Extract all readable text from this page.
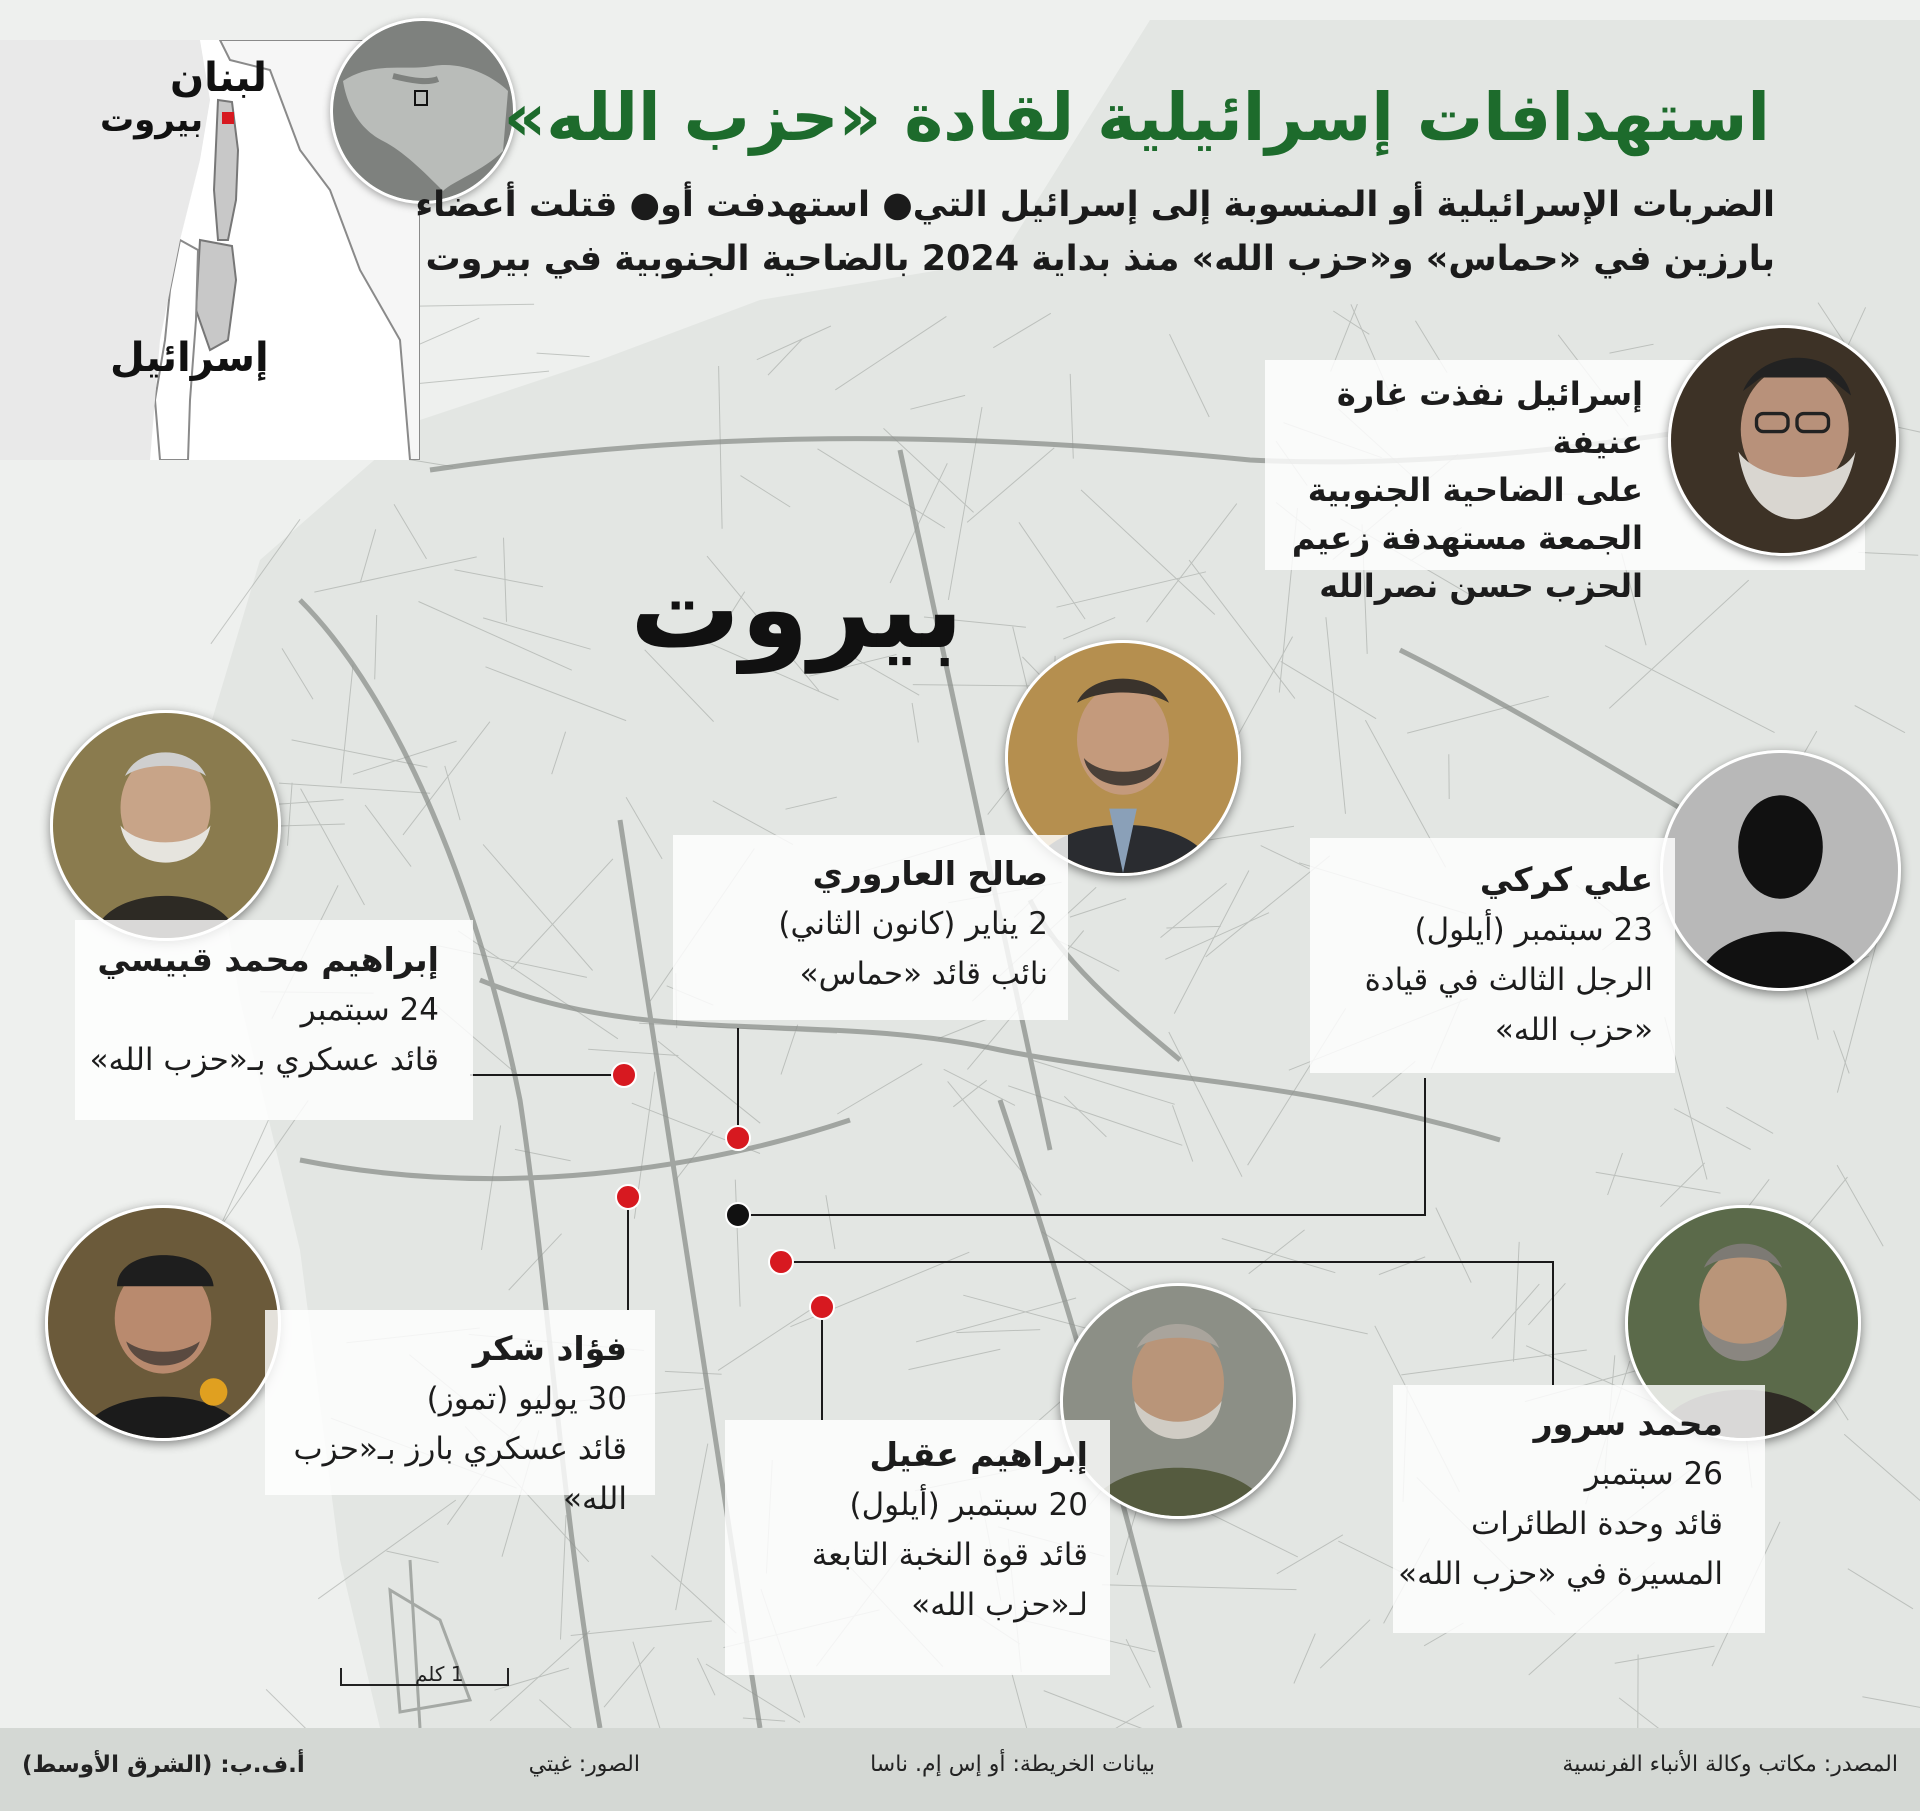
لبنان
بيروت
إسرائيل
استهدافات إسرائيلية لقادة «حزب الله»
الضربات الإسرائيلية أو المنسوبة إلى إسرائيل التي● استهدفت أو● قتلت أعضاء
بارزين في «حماس» و«حزب الله» منذ بداية 2024 بالضاحية الجنوبية في بيروت
بيروت
إسرائيل نفذت غارة عنيفة
على الضاحية الجنوبية
الجمعة مستهدفة زعيم
الحزب حسن نصرالله
إبراهيم محمد قبيسي
24 سبتمبر
قائد عسكري بـ«حزب الله»
صالح العاروري
2 يناير (كانون الثاني)
نائب قائد «حماس»
علي كركي
23 سبتمبر (أيلول)
الرجل الثالث في قيادة
«حزب الله»
فؤاد شكر
30 يوليو (تموز)
قائد عسكري بارز بـ«حزب الله»
إبراهيم عقيل
20 سبتمبر (أيلول)
قائد قوة النخبة التابعة
لـ«حزب الله»
محمد سرور
26 سبتمبر
قائد وحدة الطائرات
المسيرة في «حزب الله»
1 كلم
المصدر: مكاتب وكالة الأنباء الفرنسية
بيانات الخريطة: أو إس إم. ناسا
الصور: غيتي
أ.ف.ب: (الشرق الأوسط)
